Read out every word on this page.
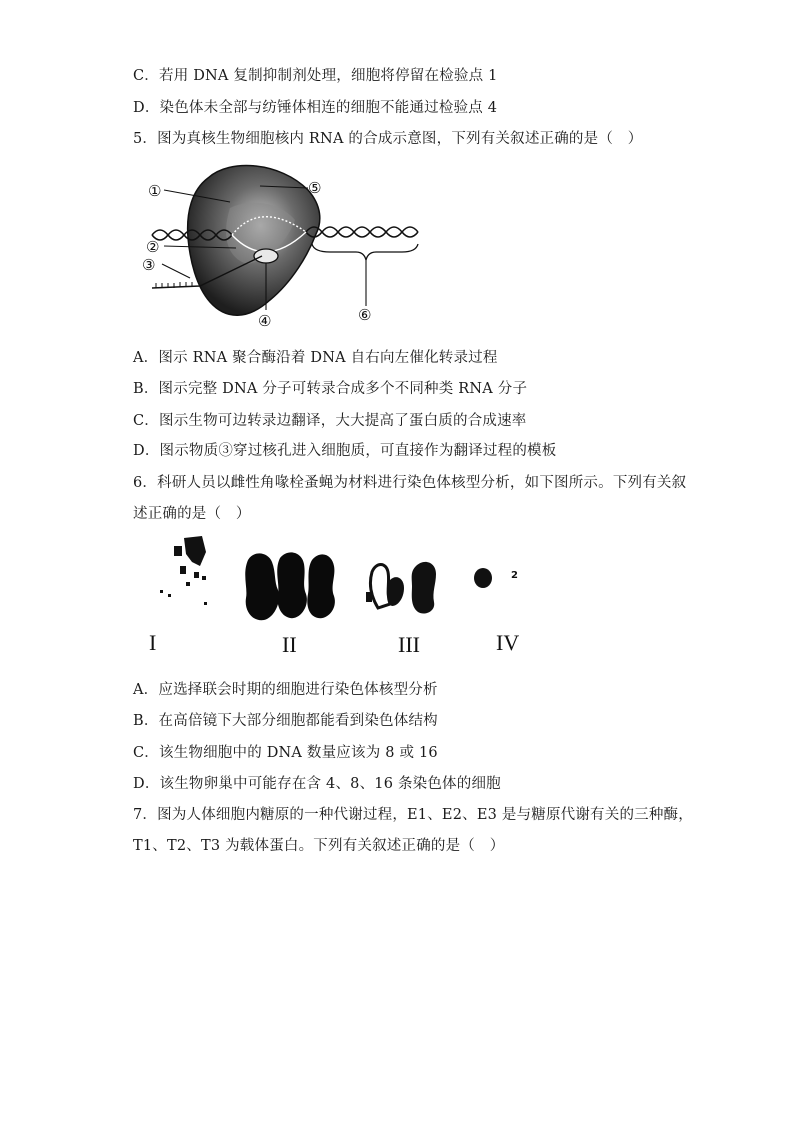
C．若用 DNA 复制抑制剂处理，细胞将停留在检验点 1
D．染色体未全部与纺锤体相连的细胞不能通过检验点 4
5．图为真核生物细胞核内 RNA 的合成示意图，下列有关叙述正确的是（　）
①
②
③
④
⑤
⑥
A．图示 RNA 聚合酶沿着 DNA 自右向左催化转录过程
B．图示完整 DNA 分子可转录合成多个不同种类 RNA 分子
C．图示生物可边转录边翻译，大大提高了蛋白质的合成速率
D．图示物质③穿过核孔进入细胞质，可直接作为翻译过程的模板
6．科研人员以雌性角喙栓蚤蝇为材料进行染色体核型分析，如下图所示。下列有关叙
述正确的是（　）
2
I	II	III	IV
A．应选择联会时期的细胞进行染色体核型分析
B．在高倍镜下大部分细胞都能看到染色体结构
C．该生物细胞中的 DNA 数量应该为 8 或 16
D．该生物卵巢中可能存在含 4、8、16 条染色体的细胞
7．图为人体细胞内糖原的一种代谢过程，E1、E2、E3 是与糖原代谢有关的三种酶，
T1、T2、T3 为载体蛋白。下列有关叙述正确的是（　）
